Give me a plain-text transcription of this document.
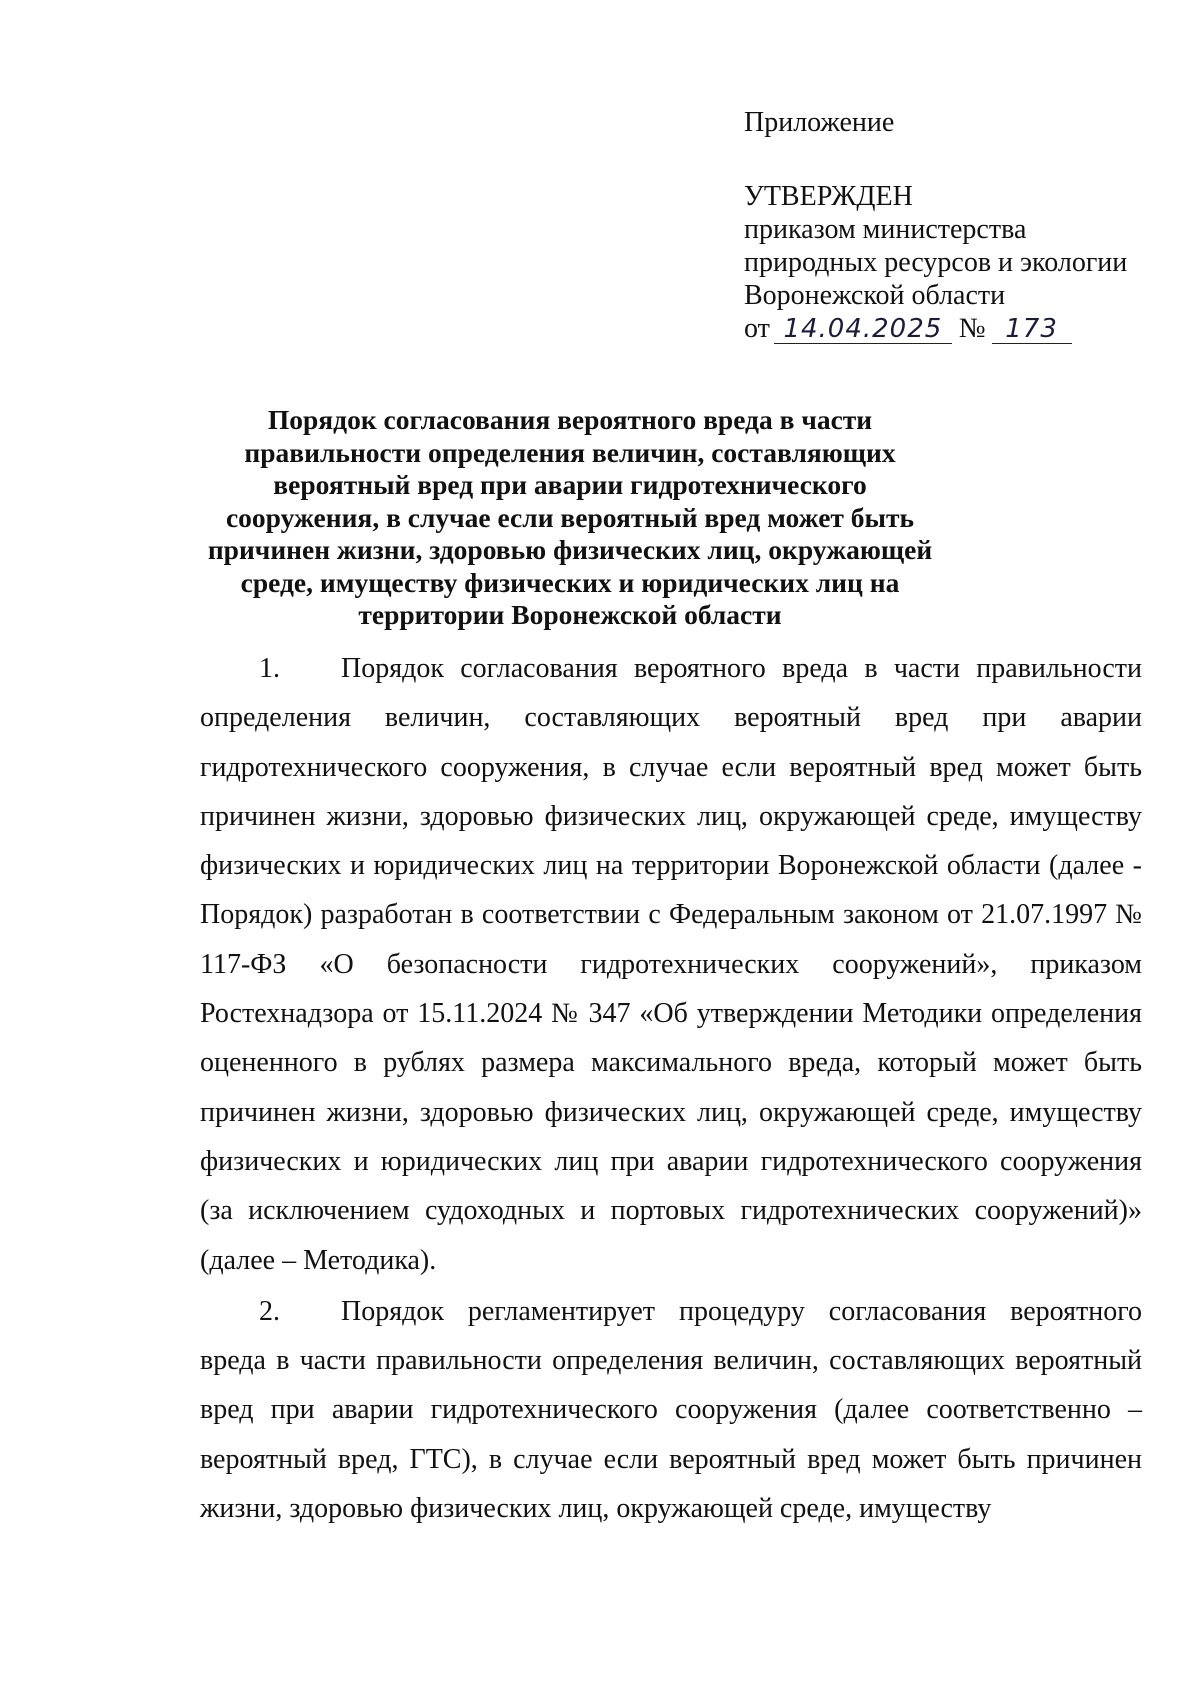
Приложение
УТВЕРЖДЕН
приказом министерства
природных ресурсов и экологии
Воронежской области
от 14.04.2025 № 173
Порядок согласования вероятного вреда в части правильности определения величин, составляющих вероятный вред при аварии гидротехнического сооружения, в случае если вероятный вред может быть причинен жизни, здоровью физических лиц, окружающей среде, имуществу физических и юридических лиц на территории Воронежской области

1. Порядок согласования вероятного вреда в части правильности определения величин, составляющих вероятный вред при аварии гидротехнического сооружения, в случае если вероятный вред может быть причинен жизни, здоровью физических лиц, окружающей среде, имуществу физических и юридических лиц на территории Воронежской области (далее - Порядок) разработан в соответствии с Федеральным законом от 21.07.1997 № 117-ФЗ «О безопасности гидротехнических сооружений», приказом Ростехнадзора от 15.11.2024 № 347 «Об утверждении Методики определения оцененного в рублях размера максимального вреда, который может быть причинен жизни, здоровью физических лиц, окружающей среде, имуществу физических и юридических лиц при аварии гидротехнического сооружения (за исключением судоходных и портовых гидротехнических сооружений)» (далее – Методика).

2. Порядок регламентирует процедуру согласования вероятного вреда в части правильности определения величин, составляющих вероятный вред при аварии гидротехнического сооружения (далее соответственно – вероятный вред, ГТС), в случае если вероятный вред может быть причинен жизни, здоровью физических лиц, окружающей среде, имуществу
